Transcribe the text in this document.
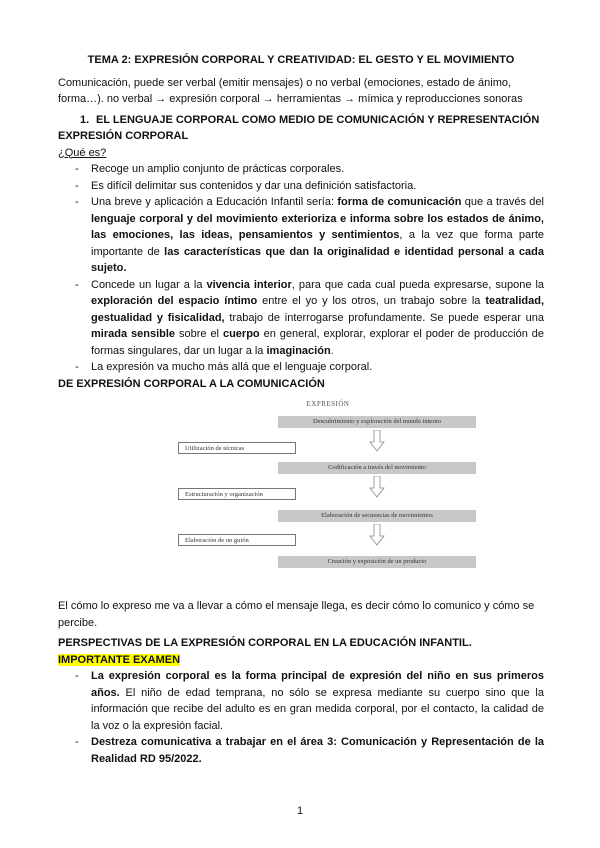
TEMA 2: EXPRESIÓN CORPORAL Y CREATIVIDAD: EL GESTO Y EL MOVIMIENTO
Comunicación, puede ser verbal (emitir mensajes) o no verbal (emociones, estado de ánimo, forma…). no verbal → expresión corporal → herramientas → mímica y reproducciones sonoras
1. EL LENGUAJE CORPORAL COMO MEDIO DE COMUNICACIÓN Y REPRESENTACIÓN
EXPRESIÓN CORPORAL
¿Qué es?
- Recoge un amplio conjunto de prácticas corporales.
- Es difícil delimitar sus contenidos y dar una definición satisfactoria.
- Una breve y aplicación a Educación Infantil sería: forma de comunicación que a través del lenguaje corporal y del movimiento exterioriza e informa sobre los estados de ánimo, las emociones, las ideas, pensamientos y sentimientos, a la vez que forma parte importante de las características que dan la originalidad e identidad personal a cada sujeto.
- Concede un lugar a la vivencia interior, para que cada cual pueda expresarse, supone la exploración del espacio íntimo entre el yo y los otros, un trabajo sobre la teatralidad, gestualidad y fisicalidad, trabajo de interrogarse profundamente. Se puede esperar una mirada sensible sobre el cuerpo en general, explorar, explorar el poder de producción de formas singulares, dar un lugar a la imaginación.
- La expresión va mucho más allá que el lenguaje corporal.
DE EXPRESIÓN CORPORAL A LA COMUNICACIÓN
EXPRESIÓN
Descubrimiento y exploración del mundo interno
Utilización de técnicas
Codificación a través del movimiento
Estructuración y organización
Elaboración de secuencias de movimientos
Elaboración de un guión
Creación y exposición de un producto
El cómo lo expreso me va a llevar a cómo el mensaje llega, es decir cómo lo comunico y cómo se percibe.
PERSPECTIVAS DE LA EXPRESIÓN CORPORAL EN LA EDUCACIÓN INFANTIL. IMPORTANTE EXAMEN
- La expresión corporal es la forma principal de expresión del niño en sus primeros años. El niño de edad temprana, no sólo se expresa mediante su cuerpo sino que la información que recibe del adulto es en gran medida corporal, por el contacto, la calidad de la voz o la expresión facial.
- Destreza comunicativa a trabajar en el área 3: Comunicación y Representación de la Realidad RD 95/2022.
1
